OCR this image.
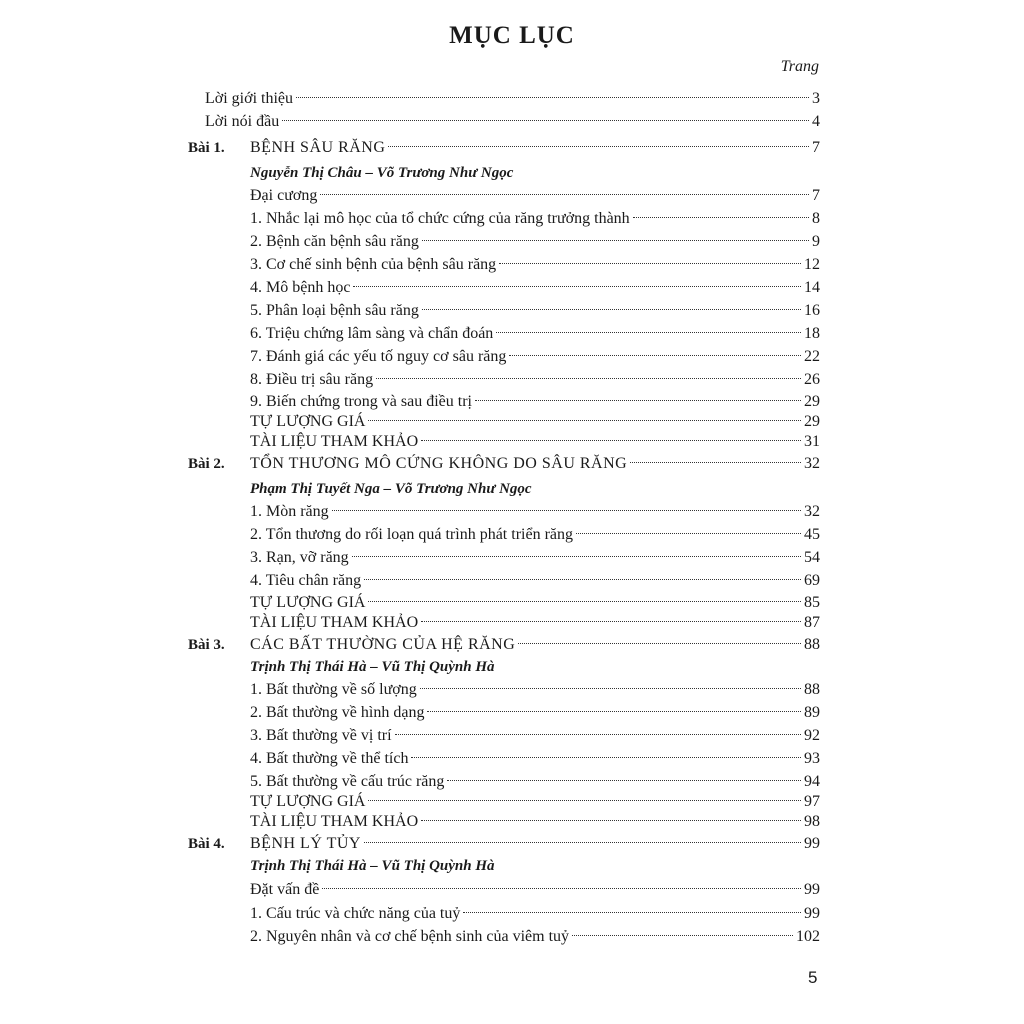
MỤC LỤC
Trang
Lời giới thiệu	3
Lời nói đầu	4
Bài 1. BỆNH SÂU RĂNG	7
Nguyễn Thị Châu – Võ Trương Như Ngọc
Đại cương	7
1. Nhắc lại mô học của tổ chức cứng của răng trưởng thành	8
2. Bệnh căn bệnh sâu răng	9
3. Cơ chế sinh bệnh của bệnh sâu răng	12
4. Mô bệnh học	14
5. Phân loại bệnh sâu răng	16
6. Triệu chứng lâm sàng và chẩn đoán	18
7. Đánh giá các yếu tố nguy cơ sâu răng	22
8. Điều trị sâu răng	26
9. Biến chứng trong và sau điều trị	29
TỰ LƯỢNG GIÁ	29
TÀI LIỆU THAM KHẢO	31
Bài 2. TỔN THƯƠNG MÔ CỨNG KHÔNG DO SÂU RĂNG	32
Phạm Thị Tuyết Nga – Võ Trương Như Ngọc
1. Mòn răng	32
2. Tổn thương do rối loạn quá trình phát triển răng	45
3. Rạn, vỡ răng	54
4. Tiêu chân răng	69
TỰ LƯỢNG GIÁ	85
TÀI LIỆU THAM KHẢO	87
Bài 3. CÁC BẤT THƯỜNG CỦA HỆ RĂNG	88
Trịnh Thị Thái Hà – Vũ Thị Quỳnh Hà
1. Bất thường về số lượng	88
2. Bất thường về hình dạng	89
3. Bất thường về vị trí	92
4. Bất thường về thể tích	93
5. Bất thường về cấu trúc răng	94
TỰ LƯỢNG GIÁ	97
TÀI LIỆU THAM KHẢO	98
Bài 4. BỆNH LÝ TỦY	99
Trịnh Thị Thái Hà – Vũ Thị Quỳnh Hà
Đặt vấn đề	99
1. Cấu trúc và chức năng của tuỷ	99
2. Nguyên nhân và cơ chế bệnh sinh của viêm tuỷ	102
5
